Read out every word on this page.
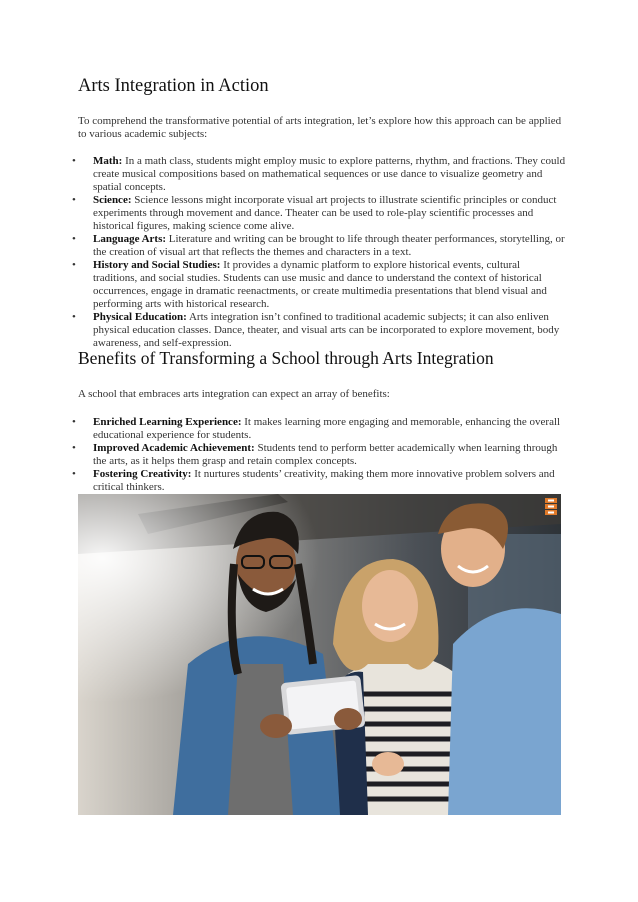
Arts Integration in Action

To comprehend the transformative potential of arts integration, let’s explore how this approach can be applied to various academic subjects:

• Math: In a math class, students might employ music to explore patterns, rhythm, and fractions. They could create musical compositions based on mathematical sequences or use dance to visualize geometry and spatial concepts.
• Science: Science lessons might incorporate visual art projects to illustrate scientific principles or conduct experiments through movement and dance. Theater can be used to role-play scientific processes and historical figures, making science come alive.
• Language Arts: Literature and writing can be brought to life through theater performances, storytelling, or the creation of visual art that reflects the themes and characters in a text.
• History and Social Studies: It provides a dynamic platform to explore historical events, cultural traditions, and social studies. Students can use music and dance to understand the context of historical occurrences, engage in dramatic reenactments, or create multimedia presentations that blend visual and performing arts with historical research.
• Physical Education: Arts integration isn’t confined to traditional academic subjects; it can also enliven physical education classes. Dance, theater, and visual arts can be incorporated to explore movement, body awareness, and self-expression.
Benefits of Transforming a School through Arts Integration

A school that embraces arts integration can expect an array of benefits:

• Enriched Learning Experience: It makes learning more engaging and memorable, enhancing the overall educational experience for students.
• Improved Academic Achievement: Students tend to perform better academically when learning through the arts, as it helps them grasp and retain complex concepts.
• Fostering Creativity: It nurtures students’ creativity, making them more innovative problem solvers and critical thinkers.
